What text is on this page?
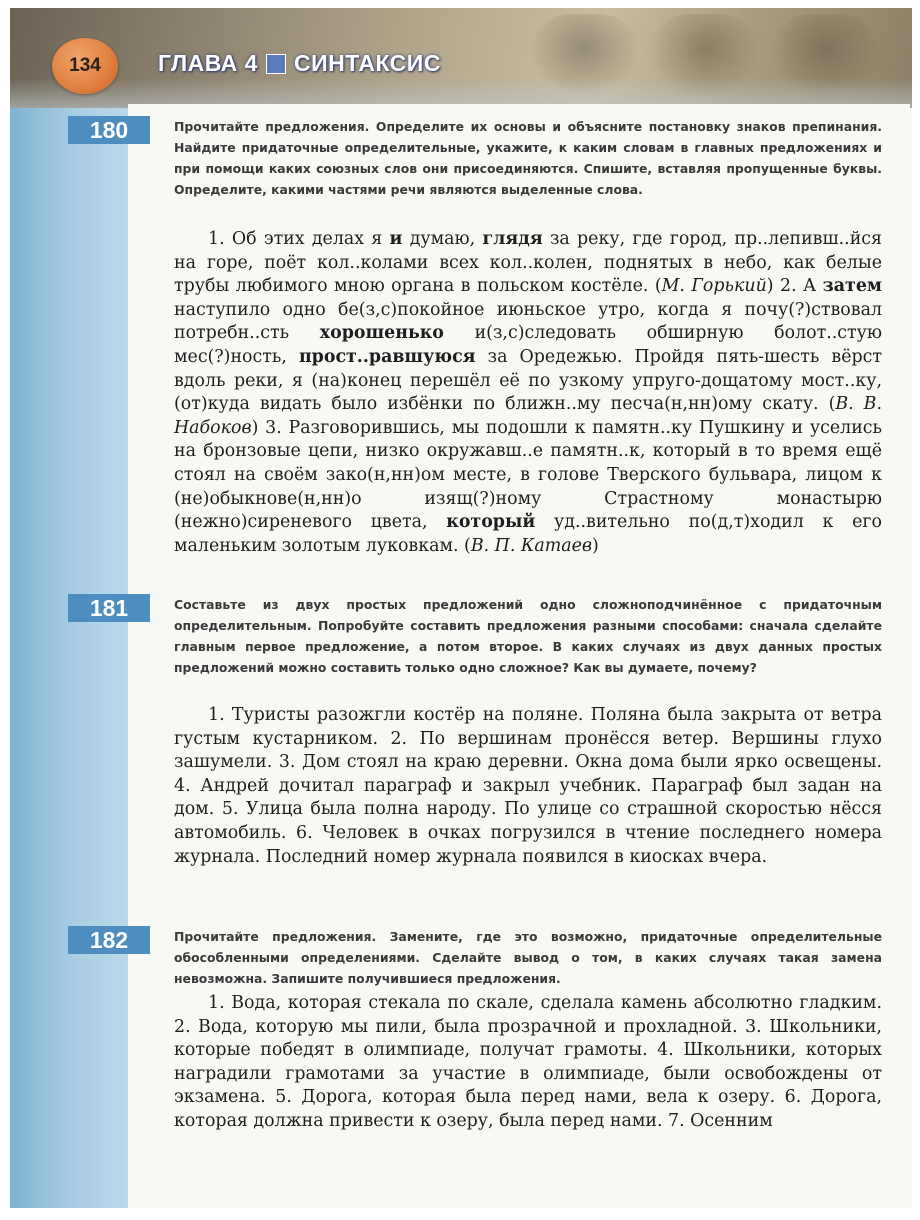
134	ГЛАВА 4 СИНТАКСИС
180	Прочитайте предложения. Определите их основы и объясните постановку знаков препинания. Найдите придаточные определительные, укажите, к каким словам в главных предложениях и при помощи каких союзных слов они присоединяются. Спишите, вставляя пропущенные буквы. Определите, какими частями речи являются выделенные слова.
1. Об этих делах я и думаю, глядя за реку, где город, пр..лепивш..йся на горе, поёт кол..колами всех кол..колен, поднятых в небо, как белые трубы любимого мною органа в польском костёле. (М. Горький) 2. А затем наступило одно бе(з,с)покойное июньское утро, когда я почу(?)ствовал потребн..сть хорошенько и(з,с)следовать обширную болот..стую мес(?)ность, прост..равшуюся за Оредежью. Пройдя пять-шесть вёрст вдоль реки, я (на)конец перешёл её по узкому упруго-дощатому мост..ку, (от)куда видать было избёнки по ближн..му песча(н,нн)ому скату. (В. В. Набоков) 3. Разговорившись, мы подошли к памятн..ку Пушкину и уселись на бронзовые цепи, низко окружавш..е памятн..к, который в то время ещё стоял на своём зако(н,нн)ом месте, в голове Тверского бульвара, лицом к (не)обыкнове(н,нн)о изящ(?)ному Страстному монастырю (нежно)сиреневого цвета, который уд..вительно по(д,т)ходил к его маленьким золотым луковкам. (В. П. Катаев)
181	Составьте из двух простых предложений одно сложноподчинённое с придаточным определительным. Попробуйте составить предложения разными способами: сначала сделайте главным первое предложение, а потом второе. В каких случаях из двух данных простых предложений можно составить только одно сложное? Как вы думаете, почему?
1. Туристы разожгли костёр на поляне. Поляна была закрыта от ветра густым кустарником. 2. По вершинам пронёсся ветер. Вершины глухо зашумели. 3. Дом стоял на краю деревни. Окна дома были ярко освещены. 4. Андрей дочитал параграф и закрыл учебник. Параграф был задан на дом. 5. Улица была полна народу. По улице со страшной скоростью нёсся автомобиль. 6. Человек в очках погрузился в чтение последнего номера журнала. Последний номер журнала появился в киосках вчера.
182	Прочитайте предложения. Замените, где это возможно, придаточные определительные обособленными определениями. Сделайте вывод о том, в каких случаях такая замена невозможна. Запишите получившиеся предложения.
1. Вода, которая стекала по скале, сделала камень абсолютно гладким. 2. Вода, которую мы пили, была прозрачной и прохладной. 3. Школьники, которые победят в олимпиаде, получат грамоты. 4. Школьники, которых наградили грамотами за участие в олимпиаде, были освобождены от экзамена. 5. Дорога, которая была перед нами, вела к озеру. 6. Дорога, которая должна привести к озеру, была перед нами. 7. Осенним
